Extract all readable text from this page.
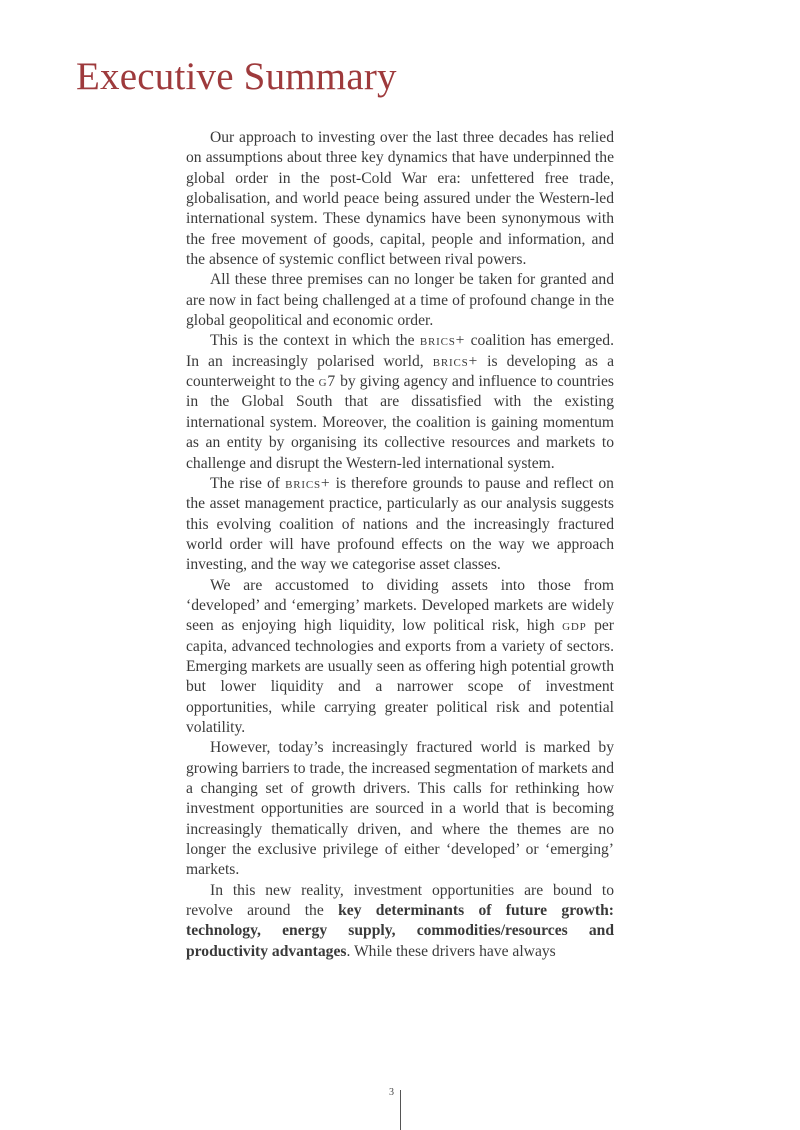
Executive Summary

Our approach to investing over the last three decades has relied on assumptions about three key dynamics that have underpinned the global order in the post-Cold War era: unfettered free trade, globalisation, and world peace being assured under the Western-led international system. These dynamics have been synonymous with the free movement of goods, capital, people and information, and the absence of systemic conflict between rival powers.

All these three premises can no longer be taken for granted and are now in fact being challenged at a time of profound change in the global geopolitical and economic order.

This is the context in which the brics+ coalition has emerged. In an increasingly polarised world, brics+ is developing as a counterweight to the g7 by giving agency and influence to countries in the Global South that are dissatisfied with the existing international system. Moreover, the coalition is gaining momentum as an entity by organising its collective resources and markets to challenge and disrupt the Western-led international system.

The rise of brics+ is therefore grounds to pause and reflect on the asset management practice, particularly as our analysis suggests this evolving coalition of nations and the increasingly fractured world order will have profound effects on the way we approach investing, and the way we categorise asset classes.

We are accustomed to dividing assets into those from ‘developed’ and ‘emerging’ markets. Developed markets are widely seen as enjoying high liquidity, low political risk, high gdp per capita, advanced technologies and exports from a variety of sectors. Emerging markets are usually seen as offering high potential growth but lower liquidity and a narrower scope of investment opportunities, while carrying greater political risk and potential volatility.

However, today’s increasingly fractured world is marked by growing barriers to trade, the increased segmentation of markets and a changing set of growth drivers. This calls for rethinking how investment opportunities are sourced in a world that is becoming increasingly thematically driven, and where the themes are no longer the exclusive privilege of either ‘developed’ or ‘emerging’ markets.

In this new reality, investment opportunities are bound to revolve around the key determinants of future growth: technology, energy supply, commodities/resources and productivity advantages. While these drivers have always

3
